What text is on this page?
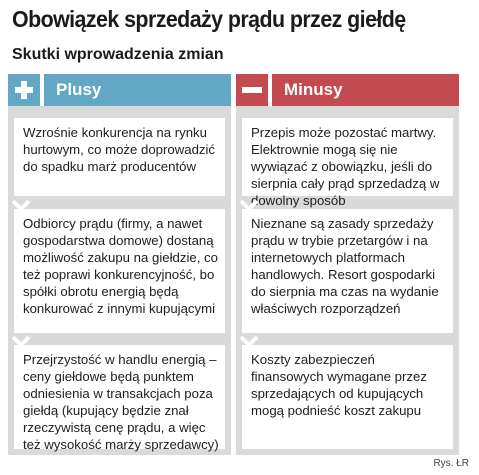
Obowiązek sprzedaży prądu przez giełdę
Skutki wprowadzenia zmian
Plusy
Wzrośnie konkurencja na rynku hurtowym, co może doprowadzić do spadku marż producentów
Odbiorcy prądu (firmy, a nawet gospodarstwa domowe) dostaną możliwość zakupu na giełdzie, co też poprawi konkurencyjność, bo spółki obrotu energią będą konkurować z innymi kupującymi
Przejrzystość w handlu energią – ceny giełdowe będą punktem odniesienia w transakcjach poza giełdą (kupujący będzie znał rzeczywistą cenę prądu, a więc też wysokość marży sprzedawcy)
Minusy
Przepis może pozostać martwy. Elektrownie mogą się nie wywiązać z obowiązku, jeśli do sierpnia cały prąd sprzedadzą w dowolny sposób
Nieznane są zasady sprzedaży prądu w trybie przetargów i na internetowych platformach handlowych. Resort gospodarki do sierpnia ma czas na wydanie właściwych rozporządzeń
Koszty zabezpieczeń finansowych wymagane przez sprzedających od kupujących mogą podnieść koszt zakupu
Rys. ŁR
